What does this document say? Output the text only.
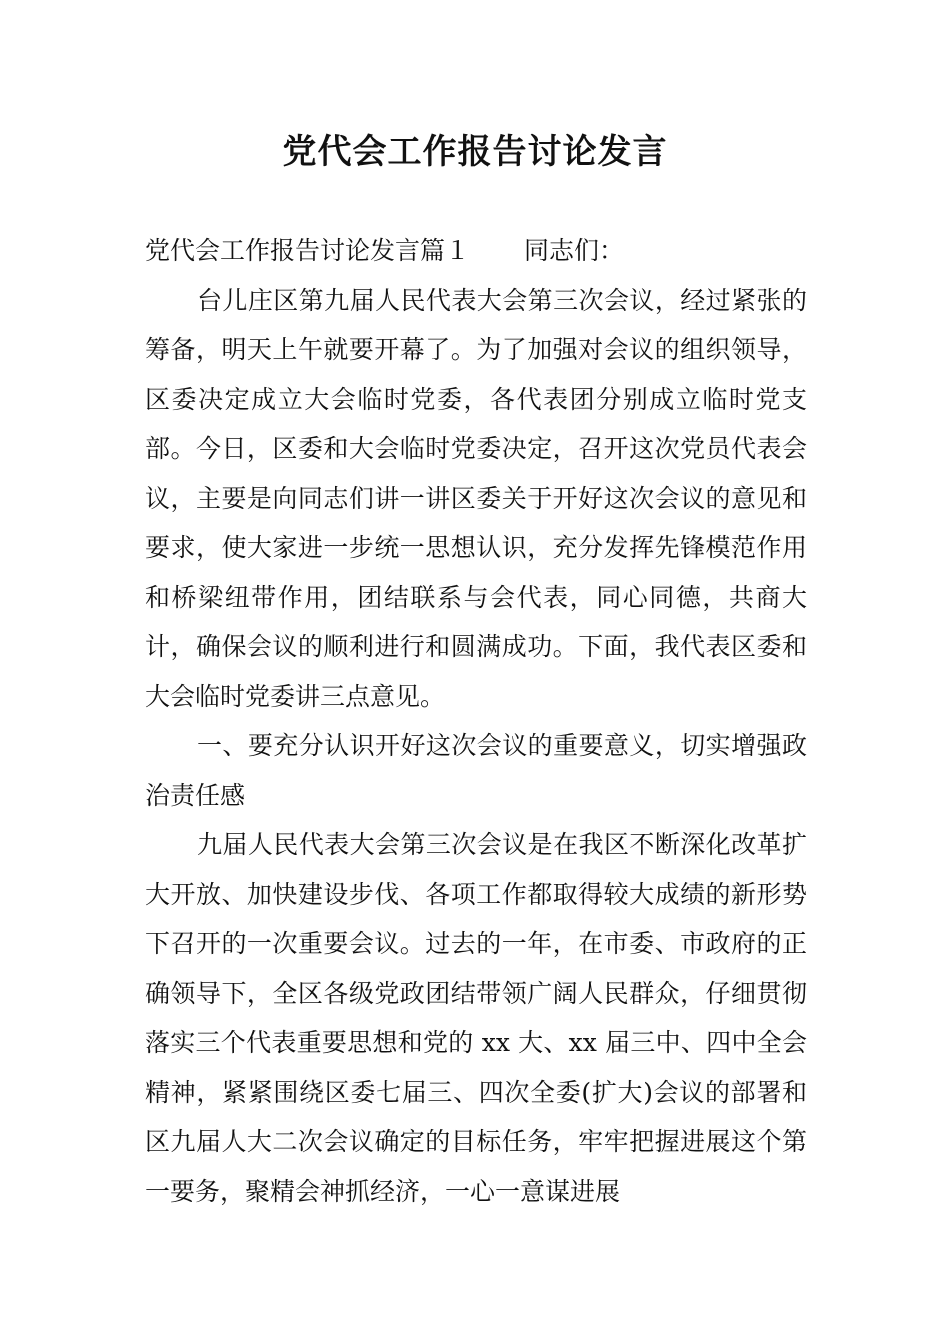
党代会工作报告讨论发言

党代会工作报告讨论发言篇１ 同志们：

台儿庄区第九届人民代表大会第三次会议，经过紧张的筹备，明天上午就要开幕了。为了加强对会议的组织领导，区委决定成立大会临时党委，各代表团分别成立临时党支部。今日，区委和大会临时党委决定，召开这次党员代表会议，主要是向同志们讲一讲区委关于开好这次会议的意见和要求，使大家进一步统一思想认识，充分发挥先锋模范作用和桥梁纽带作用，团结联系与会代表，同心同德，共商大计，确保会议的顺利进行和圆满成功。下面，我代表区委和大会临时党委讲三点意见。

一、要充分认识开好这次会议的重要意义，切实增强政治责任感

九届人民代表大会第三次会议是在我区不断深化改革扩大开放、加快建设步伐、各项工作都取得较大成绩的新形势下召开的一次重要会议。过去的一年，在市委、市政府的正确领导下，全区各级党政团结带领广阔人民群众，仔细贯彻落实三个代表重要思想和党的 xx 大、xx 届三中、四中全会精神，紧紧围绕区委七届三、四次全委(扩大)会议的部署和区九届人大二次会议确定的目标任务，牢牢把握进展这个第一要务，聚精会神抓经济，一心一意谋进展
